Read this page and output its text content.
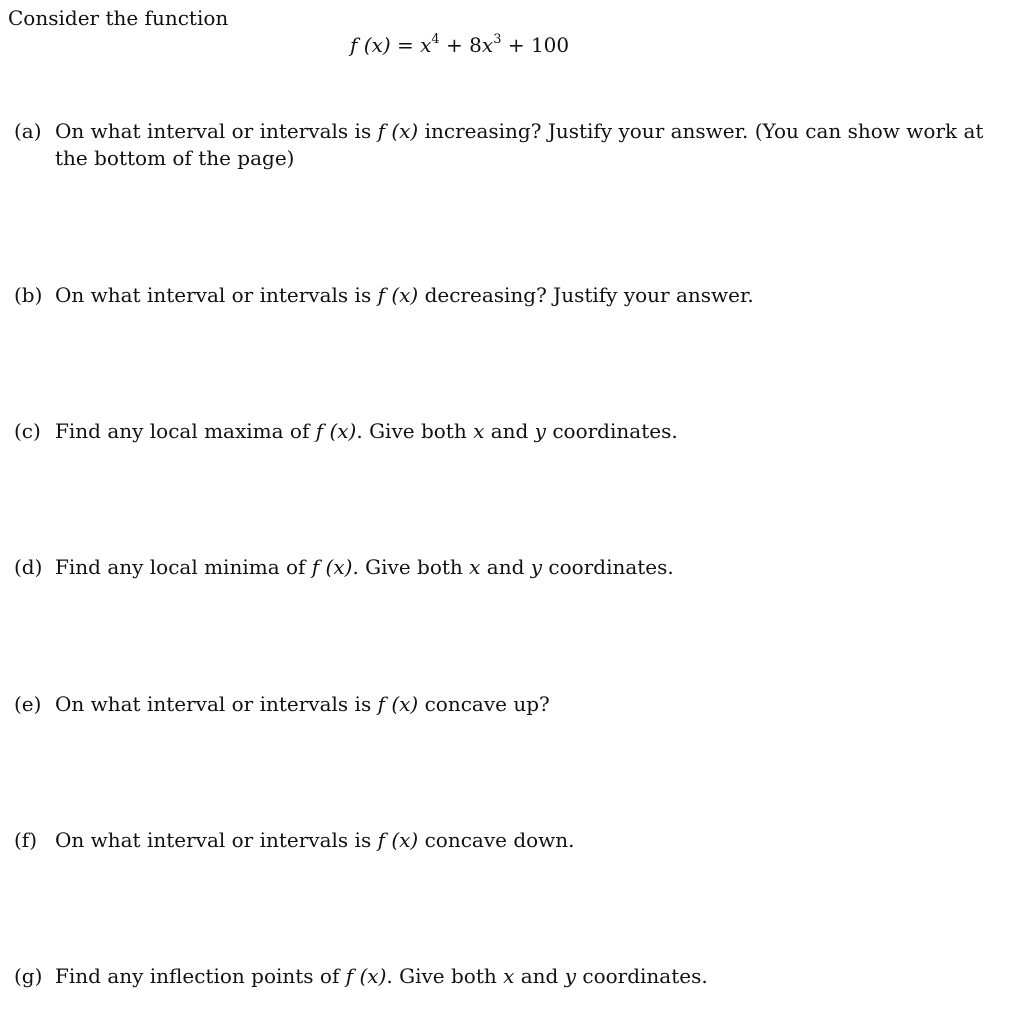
Consider the function
f $(x) = x^4 + 8x^3 + 100$
(a) On what interval or intervals is f (x) increasing? Justify your answer. (You can show work at the bottom of the page)
(b) On what interval or intervals is f (x) decreasing? Justify your answer.
(c) Find any local maxima of f (x). Give both x and y coordinates.
(d) Find any local minima of f (x). Give both x and y coordinates.
(e) On what interval or intervals is f (x) concave up?
(f) On what interval or intervals is f (x) concave down.
(g) Find any inflection points of f (x). Give both x and y coordinates.
